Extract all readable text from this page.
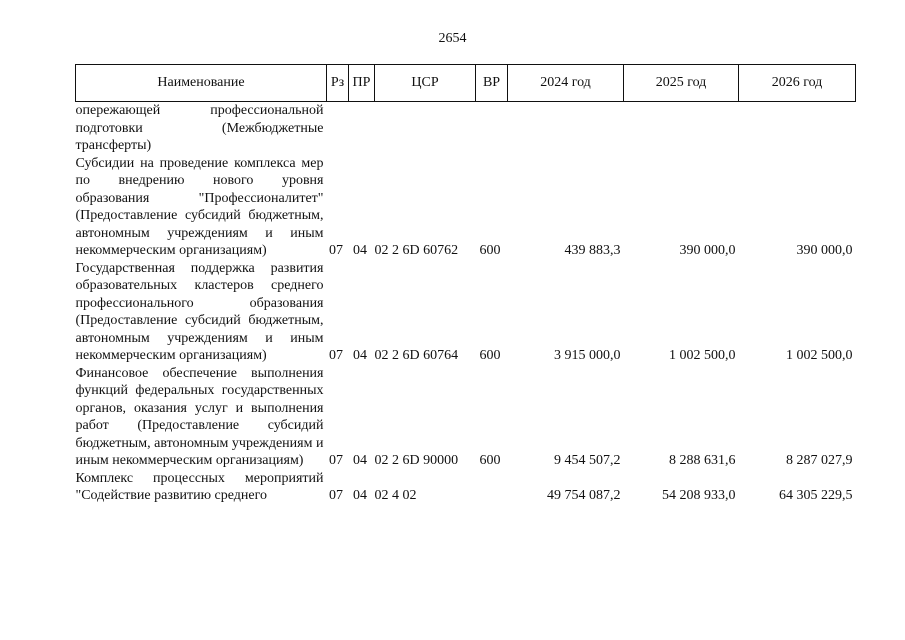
2654
Наименование	Рз	ПР	ЦСР	ВР	2024 год	2025 год	2026 год
опережающей профессиональной подготовки (Межбюджетные трансферты)							

Субсидии на проведение комплекса мер по внедрению нового уровня образования "Профессионалитет" (Предоставление субсидий бюджетным, автономным учреждениям и иным некоммерческим организациям)	07	04	02 2 6D 60762	600	439 883,3	390 000,0	390 000,0

Государственная поддержка развития образовательных кластеров среднего профессионального образования (Предоставление субсидий бюджетным, автономным учреждениям и иным некоммерческим организациям)	07	04	02 2 6D 60764	600	3 915 000,0	1 002 500,0	1 002 500,0

Финансовое обеспечение выполнения функций федеральных государственных органов, оказания услуг и выполнения работ (Предоставление субсидий бюджетным, автономным учреждениям и иным некоммерческим организациям)	07	04	02 2 6D 90000	600	9 454 507,2	8 288 631,6	8 287 027,9

Комплекс процессных мероприятий "Содействие развитию среднего	07	04	02 4 02		49 754 087,2	54 208 933,0	64 305 229,5
